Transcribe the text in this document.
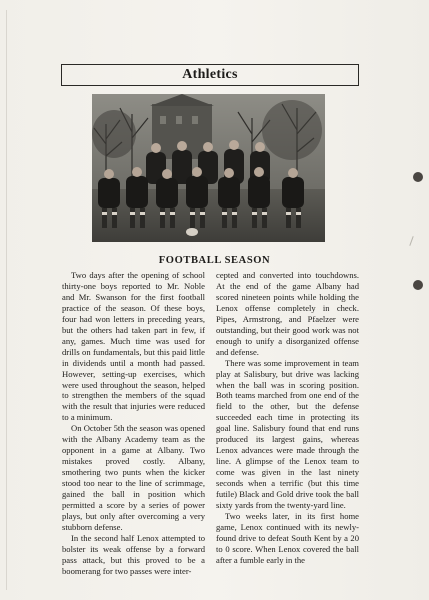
Athletics
FOOTBALL SEASON

Two days after the opening of school thirty-one boys reported to Mr. Noble and Mr. Swanson for the first football practice of the season. Of these boys, four had won letters in preceding years, but the others had taken part in few, if any, games. Much time was used for drills on fundamentals, but this paid little in dividends until a month had passed. However, setting-up exercises, which were used throughout the season, helped to strengthen the members of the squad with the result that injuries were reduced to a minimum.

On October 5th the season was opened with the Albany Academy team as the opponent in a game at Albany. Two mistakes proved costly. Albany, smothering two punts when the kicker stood too near to the line of scrimmage, gained the ball in position which permitted a score by a series of power plays, but only after overcoming a very stubborn defense.

In the second half Lenox attempted to bolster its weak offense by a forward pass attack, but this proved to be a boomerang for two passes were inter-

cepted and converted into touchdowns. At the end of the game Albany had scored nineteen points while holding the Lenox offense completely in check. Pipes, Armstrong, and Pfaelzer were outstanding, but their good work was not enough to unify a disorganized offense and defense.

There was some improvement in team play at Salisbury, but drive was lacking when the ball was in scoring position. Both teams marched from one end of the field to the other, but the defense succeeded each time in protecting its goal line. Salisbury found that end runs produced its largest gains, whereas Lenox advances were made through the line. A glimpse of the Lenox team to come was given in the last ninety seconds when a terrific (but this time futile) Black and Gold drive took the ball sixty yards from the twenty-yard line.

Two weeks later, in its first home game, Lenox continued with its newly-found drive to defeat South Kent by a 20 to 0 score. When Lenox covered the ball after a fumble early in the
